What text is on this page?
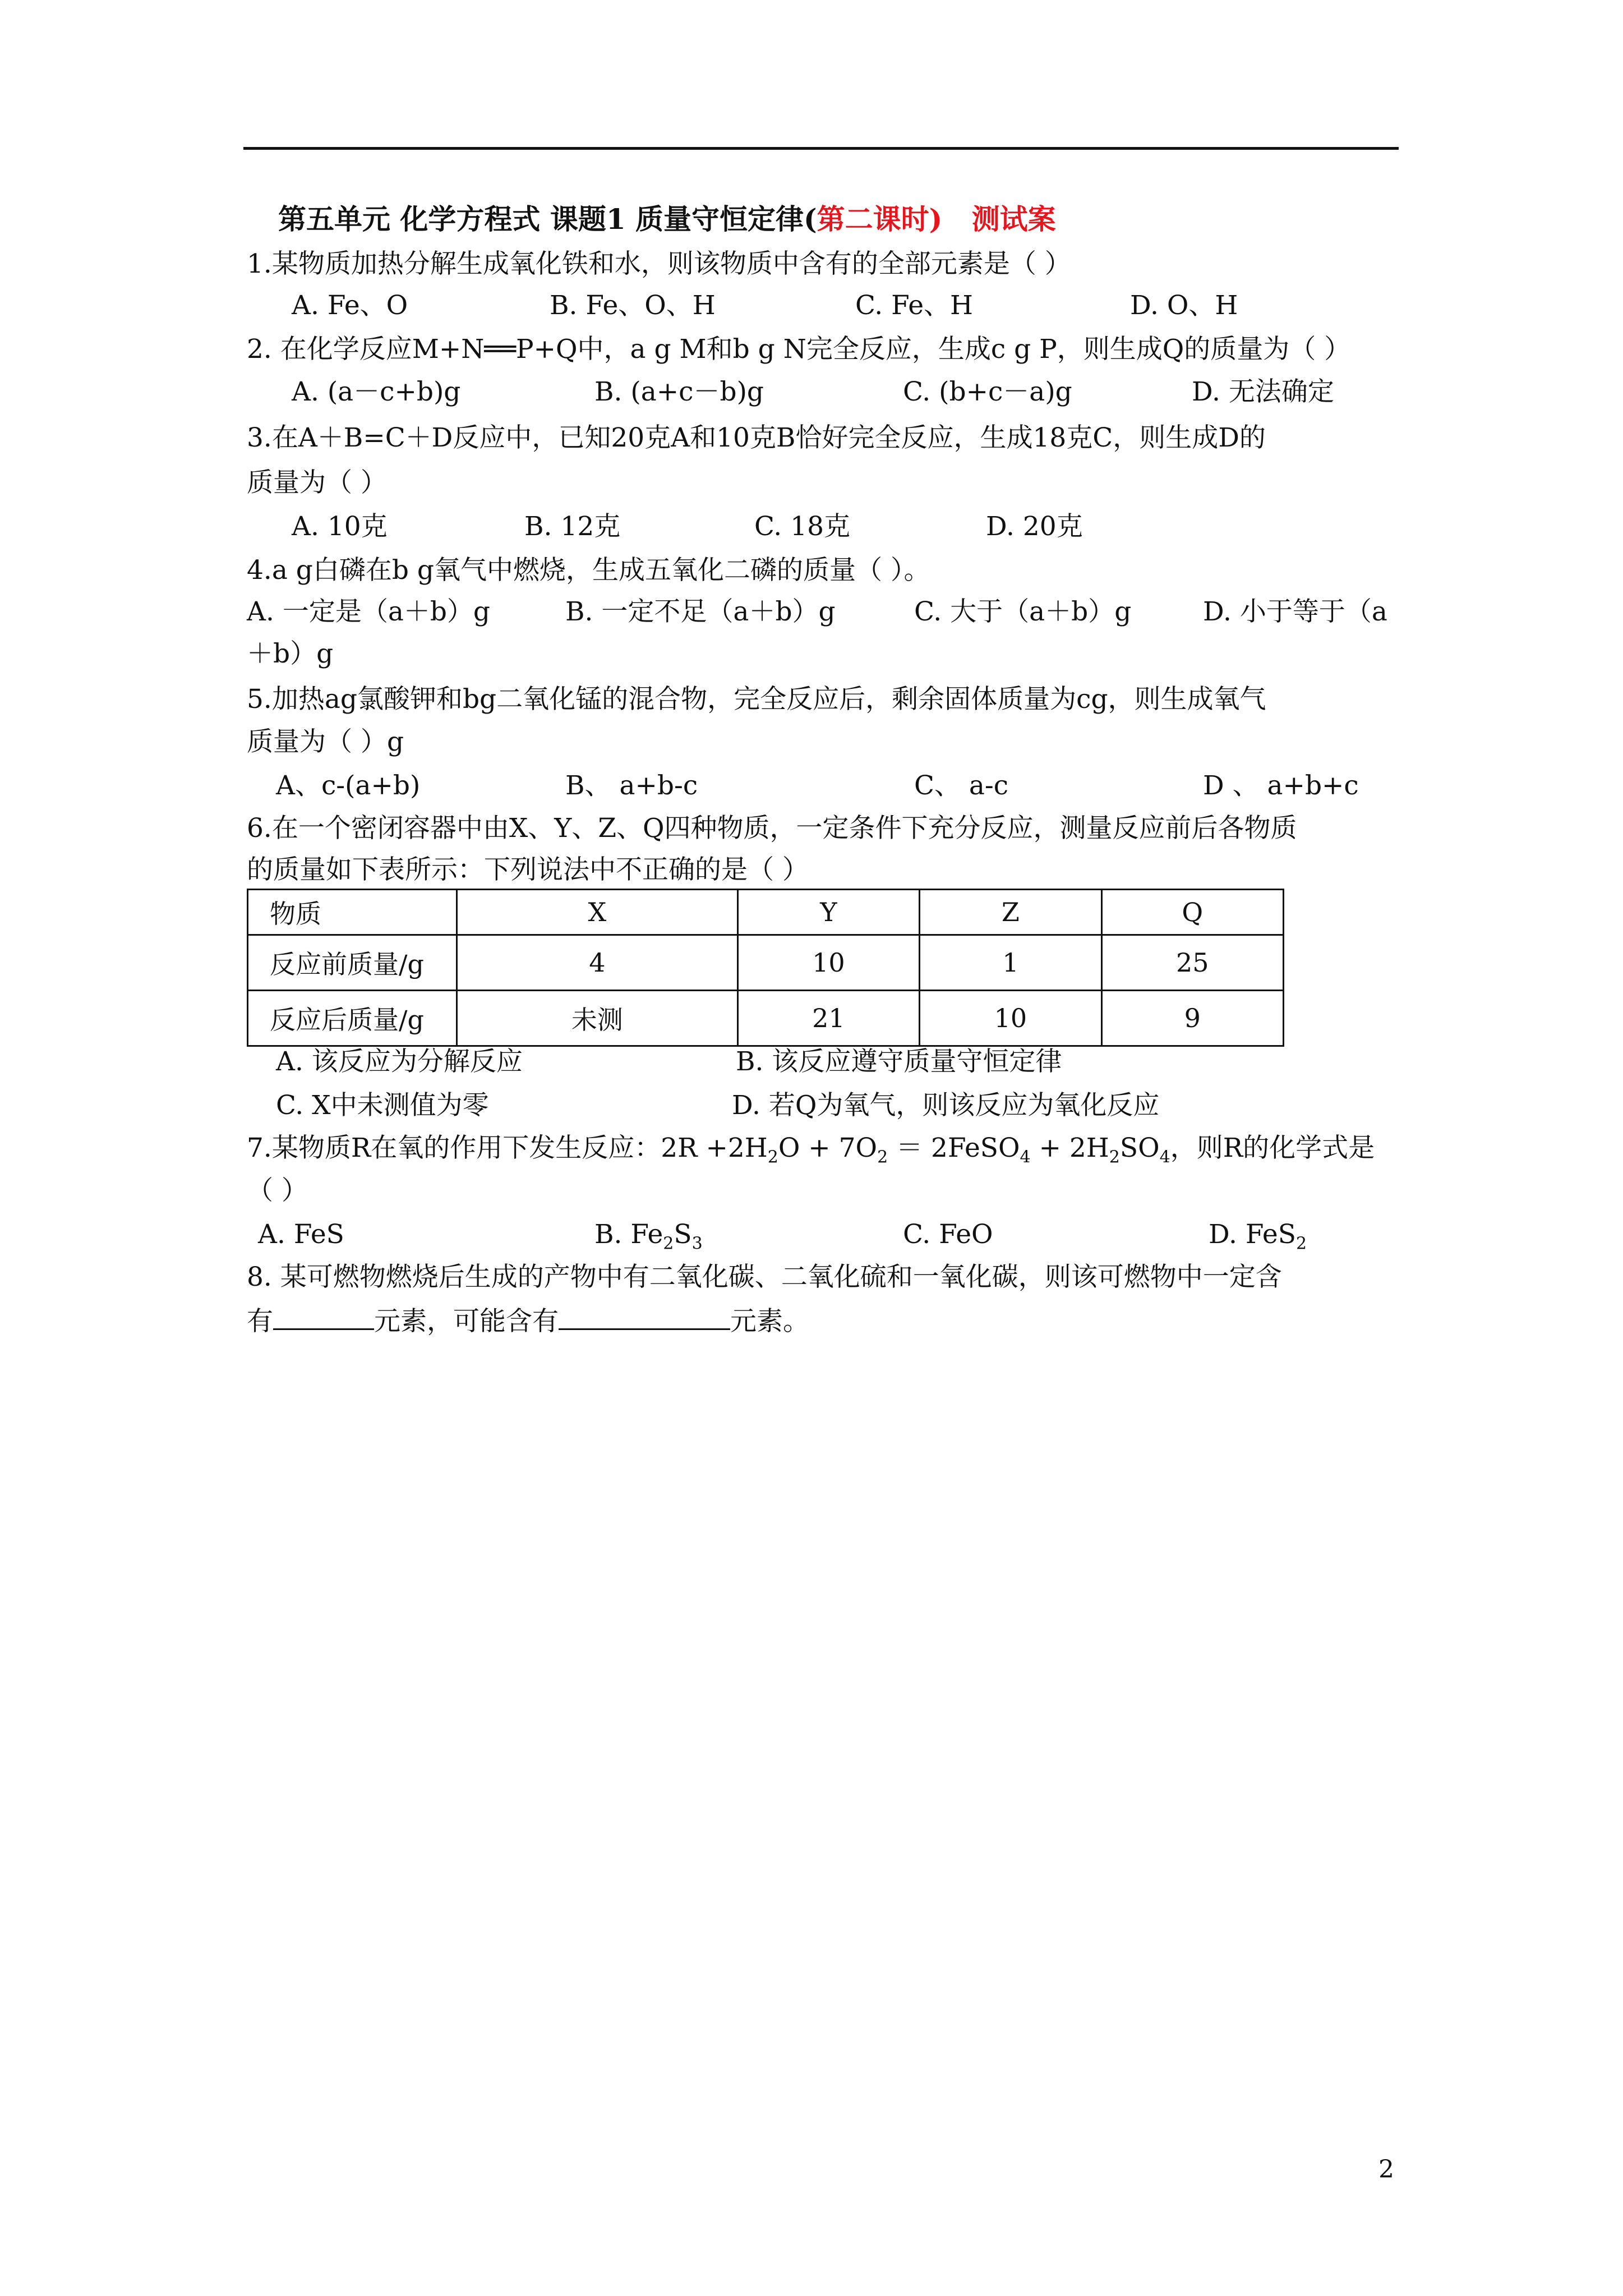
第五单元 化学方程式 课题1 质量守恒定律(第二课时) 测试案
1.某物质加热分解生成氧化铁和水，则该物质中含有的全部元素是（ ）
A. Fe、O	B. Fe、O、H	C. Fe、H	D. O、H
2. 在化学反应M+N══P+Q中，a g M和b g N完全反应，生成c g P，则生成Q的质量为（ ）
A. (a－c+b)g	B. (a+c－b)g	C. (b+c－a)g	D. 无法确定
3.在A＋B=C＋D反应中，已知20克A和10克B恰好完全反应，生成18克C，则生成D的
质量为（ ）
A. 10克	B. 12克	C. 18克	D. 20克
4.a g白磷在b g氧气中燃烧，生成五氧化二磷的质量（ ）。
A. 一定是（a＋b）g	B. 一定不足（a＋b）g	C. 大于（a＋b）g	D. 小于等于（a
＋b）g
5.加热ag氯酸钾和bg二氧化锰的混合物，完全反应后，剩余固体质量为cg，则生成氧气
质量为（ ）g
A、c-(a+b)	B、 a+b-c	C、 a-c	D 、 a+b+c
6.在一个密闭容器中由X、Y、Z、Q四种物质，一定条件下充分反应，测量反应前后各物质
的质量如下表所示：下列说法中不正确的是（ ）
物质	X	Y	Z	Q
反应前质量/g	4	10	1	25
反应后质量/g	未测	21	10	9
A. 该反应为分解反应	B. 该反应遵守质量守恒定律
C. X中未测值为零	D. 若Q为氧气，则该反应为氧化反应
7.某物质R在氧的作用下发生反应：$2R +2H_2O + 7O_2$ ＝ 2FeSO$_4$ + $2H_2SO_4$，则R的化学式是
（ ）
A. FeS	B. $Fe_2S_3$	C. FeO	D. FeS$_2$
8. 某可燃物燃烧后生成的产物中有二氧化碳、二氧化硫和一氧化碳，则该可燃物中一定含
有	元素，可能含有	元素。
2
